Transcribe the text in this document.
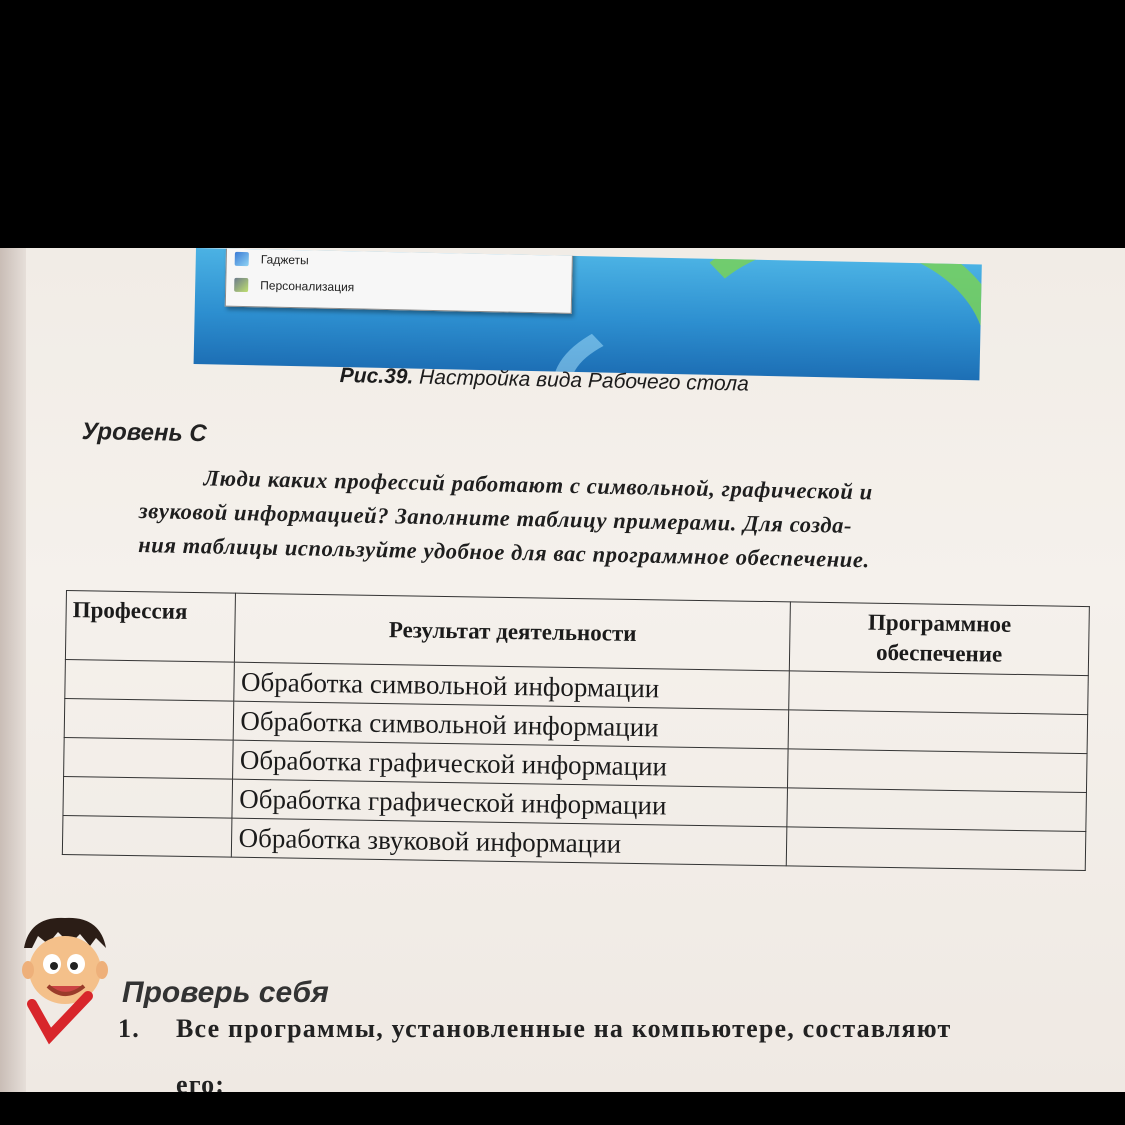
Гаджеты
Персонализация
Рис.39. Настройка вида Рабочего стола
Уровень C
Люди каких профессий работают с символьной, графической и
звуковой информацией? Заполните таблицу примерами. Для созда-
ния таблицы используйте удобное для вас программное обеспечение.
Профессия	Результат деятельности	Программное
обеспечение

	Обработка символьной информации	
	Обработка символьной информации	
	Обработка графической информации	
	Обработка графической информации	
	Обработка звуковой информации	
Проверь себя
1. Все программы, установленные на компьютере, составляют
его:
